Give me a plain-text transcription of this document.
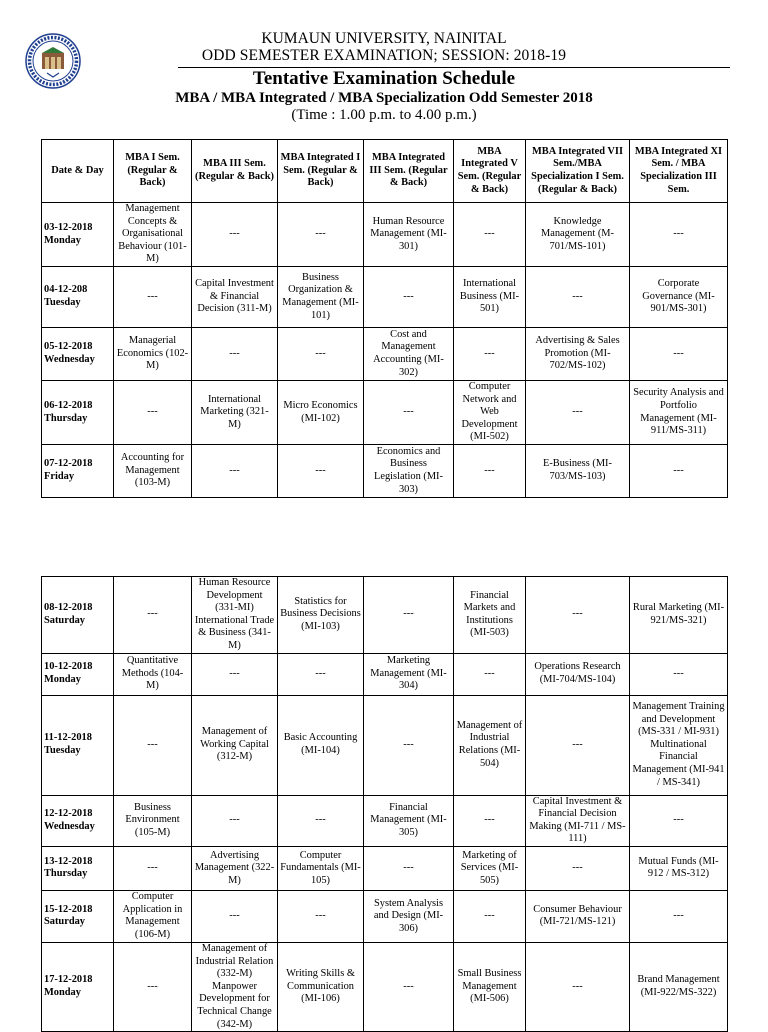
KUMAUN UNIVERSITY, NAINITAL
ODD SEMESTER EXAMINATION; SESSION: 2018-19
Tentative Examination Schedule
MBA / MBA Integrated / MBA Specialization Odd Semester 2018
(Time : 1.00 p.m. to 4.00 p.m.)
Date & Day	MBA I Sem. (Regular & Back)	MBA III Sem. (Regular & Back)	MBA Integrated I Sem. (Regular & Back)	MBA Integrated III Sem. (Regular & Back)	MBA Integrated V Sem. (Regular & Back)	MBA Integrated VII Sem./MBA Specialization I Sem. (Regular & Back)	MBA Integrated XI Sem. / MBA Specialization III Sem.

03-12-2018
Monday	Management Concepts & Organisational Behaviour (101-M)	---	---	Human Resource Management (MI-301)	---	Knowledge Management (M-701/MS-101)	---

04-12-208
Tuesday	---	Capital Investment & Financial Decision (311-M)	Business Organization & Management (MI-101)	---	International Business (MI-501)	---	Corporate Governance (MI-901/MS-301)

05-12-2018
Wednesday	Managerial Economics (102-M)	---	---	Cost and Management Accounting (MI-302)	---	Advertising & Sales Promotion (MI-702/MS-102)	---

06-12-2018
Thursday	---	International Marketing (321-M)	Micro Economics (MI-102)	---	Computer Network and Web Development (MI-502)	---	Security Analysis and Portfolio Management (MI-911/MS-311)

07-12-2018
Friday	Accounting for Management (103-M)	---	---	Economics and Business Legislation (MI-303)	---	E-Business (MI-703/MS-103)	---
08-12-2018
Saturday	---	Human Resource Development (331-MI) International Trade & Business (341-M)	Statistics for Business Decisions (MI-103)	---	Financial Markets and Institutions (MI-503)	---	Rural Marketing (MI-921/MS-321)

10-12-2018
Monday	Quantitative Methods (104-M)	---	---	Marketing Management (MI-304)	---	Operations Research (MI-704/MS-104)	---

11-12-2018
Tuesday	---	Management of Working Capital (312-M)	Basic Accounting (MI-104)	---	Management of Industrial Relations (MI-504)	---	Management Training and Development (MS-331 / MI-931) Multinational Financial Management (MI-941 / MS-341)

12-12-2018
Wednesday	Business Environment (105-M)	---	---	Financial Management (MI-305)	---	Capital Investment & Financial Decision Making (MI-711 / MS-111)	---

13-12-2018
Thursday	---	Advertising Management (322-M)	Computer Fundamentals (MI-105)	---	Marketing of Services (MI-505)	---	Mutual Funds (MI-912 / MS-312)

15-12-2018
Saturday	Computer Application in Management (106-M)	---	---	System Analysis and Design (MI-306)	---	Consumer Behaviour (MI-721/MS-121)	---

17-12-2018
Monday	---	Management of Industrial Relation (332-M) Manpower Development for Technical Change (342-M)	Writing Skills & Communication (MI-106)	---	Small Business Management (MI-506)	---	Brand Management (MI-922/MS-322)
